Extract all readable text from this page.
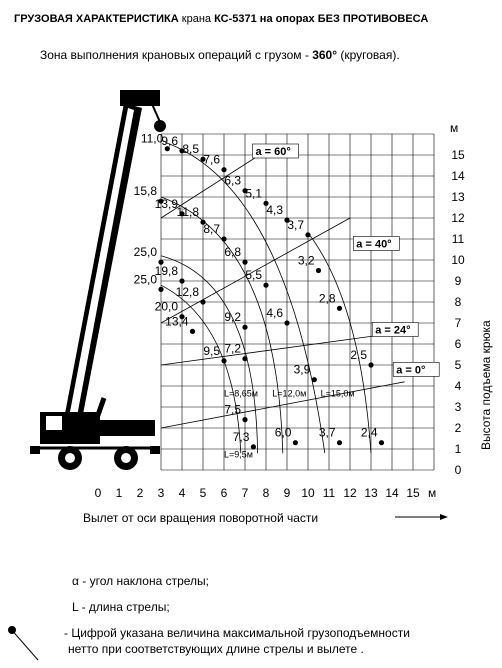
ГРУЗОВАЯ ХАРАКТЕРИСТИКА крана КС-5371 на опорах БЕЗ ПРОТИВОВЕСА
Зона выполнения крановых операций с грузом - 360° (круговая).
a = 60°
a = 40°
a = 24°
a = 0°
L=8,65м
L=9,5м
L=12,0м L=15,0м
11,0
9,6
8,5
7,6
6,3
5,1
4,3
3,7
15,8
13,9
11,8
8,7
6,8
5,5
3,2
2,8
2,5
25,0
25,0
19,8
12,8
9,2 4,6
3,9
20,0
13,4
7,2
9,5
7,5
7,3 6,0 3,7 2,4
0 1 2 3 4 5 6 7 8 9 10 11 12 13 14 15
0
1
2
3
4
5
6
7
8
9
10
11
12
13
14
15
м
м
Вылет от оси вращения поворотной части
Высота подъема крюка
α - угол наклона стрелы;
L - длина стрелы;
- Цифрой указана величина максимальной грузоподъемности
нетто при соответствующих длине стрелы и вылете .
